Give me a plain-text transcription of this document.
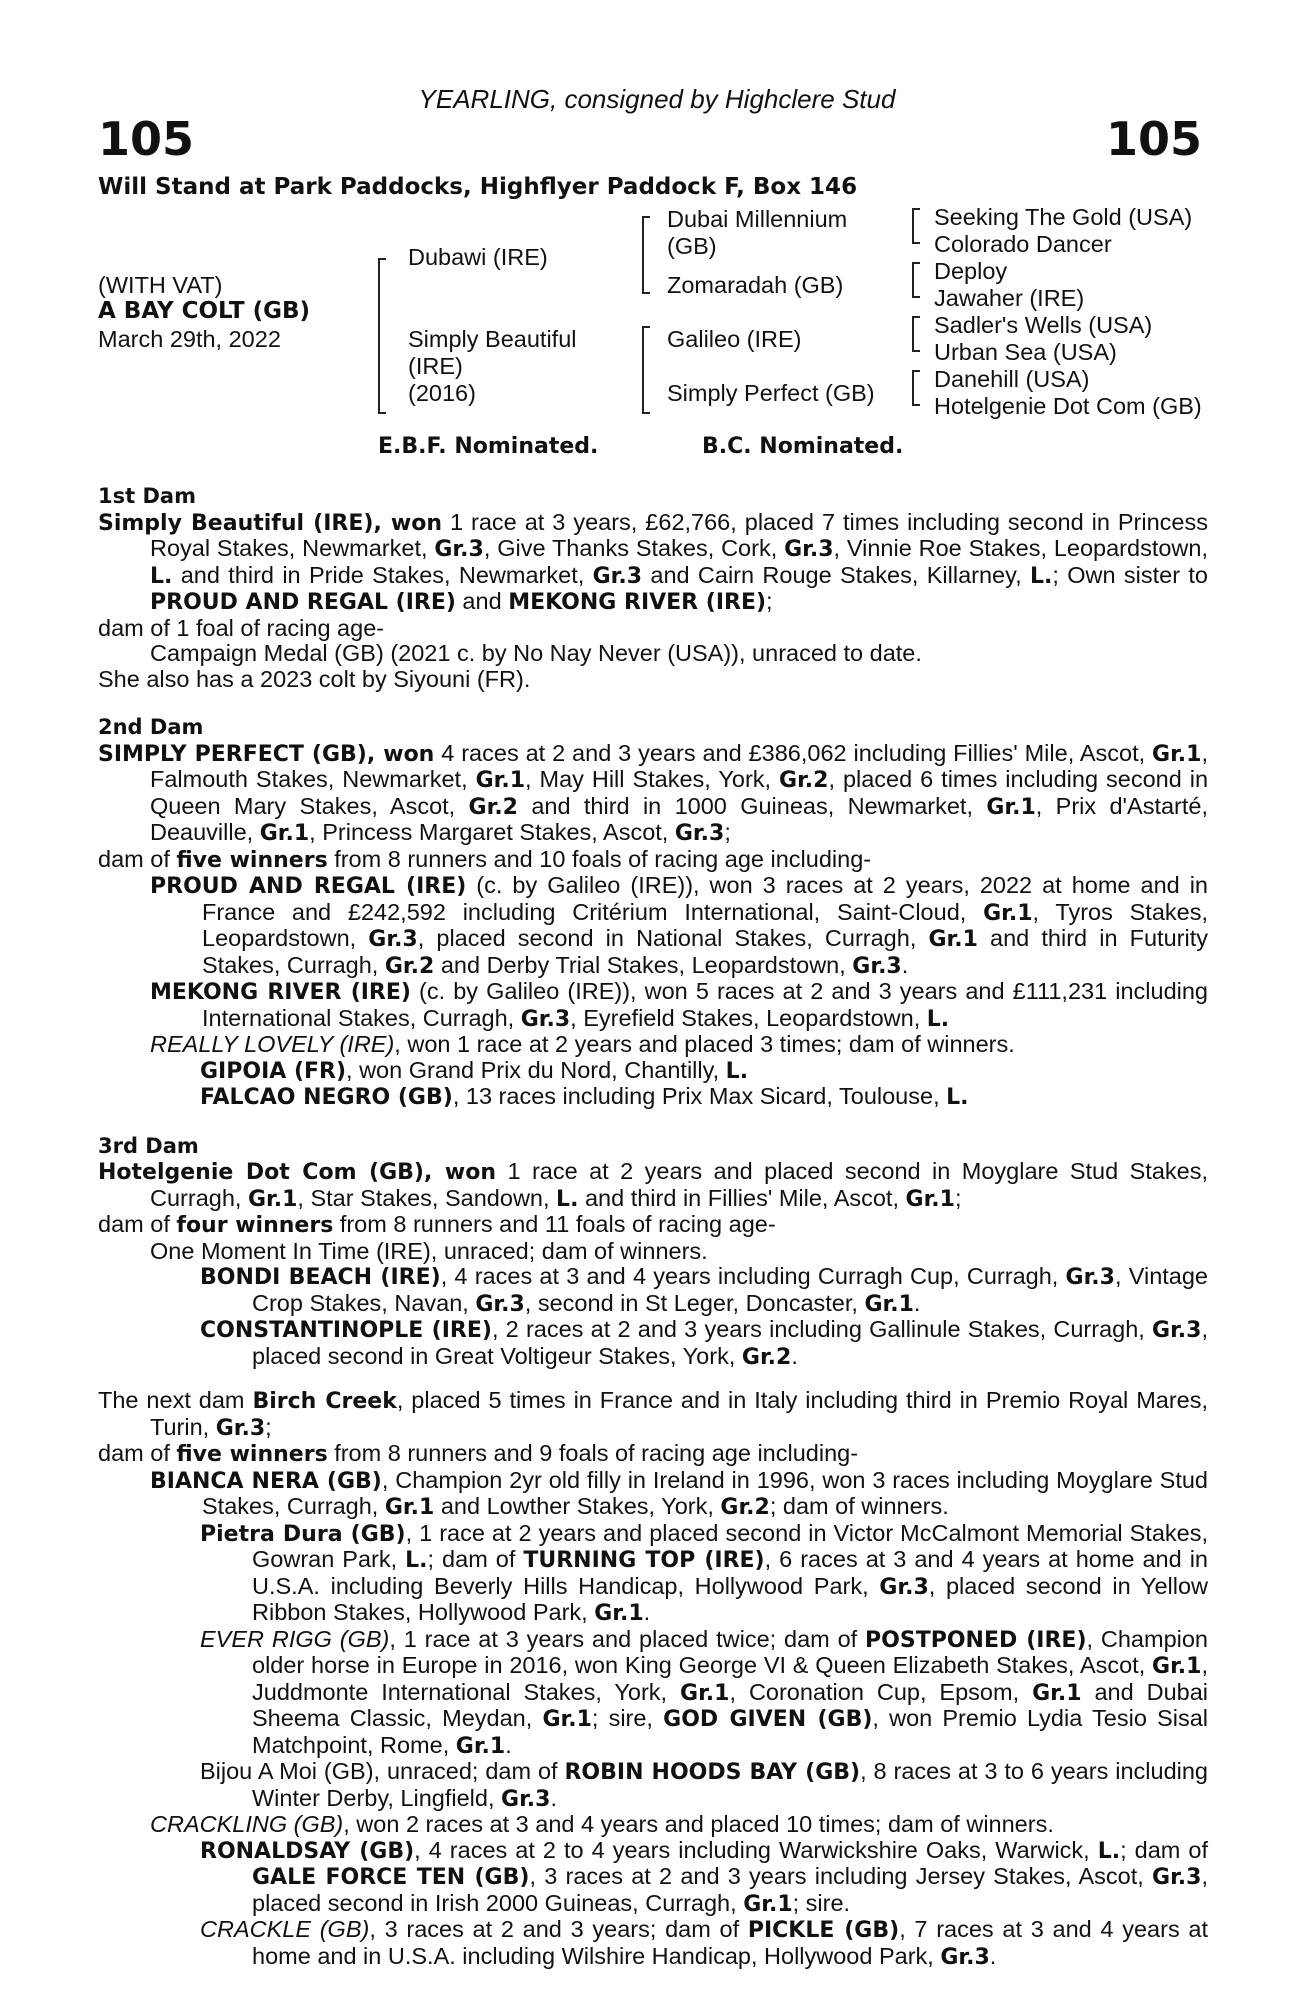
YEARLING, consigned by Highclere Stud
105	105
Will Stand at Park Paddocks, Highflyer Paddock F, Box 146
(WITH VAT)
A BAY COLT (GB)
March 29th, 2022
Dubawi (IRE)
Simply Beautiful
(IRE)
(2016)
Dubai Millennium
(GB)
Zomaradah (GB)
Galileo (IRE)
Simply Perfect (GB)
Seeking The Gold (USA)
Colorado Dancer
Deploy
Jawaher (IRE)
Sadler's Wells (USA)
Urban Sea (USA)
Danehill (USA)
Hotelgenie Dot Com (GB)
E.B.F. Nominated.	B.C. Nominated.
1st Dam

Simply Beautiful (IRE), won 1 race at 3 years, £62,766, placed 7 times including second in Princess Royal Stakes, Newmarket, Gr.3, Give Thanks Stakes, Cork, Gr.3, Vinnie Roe Stakes, Leopardstown, L. and third in Pride Stakes, Newmarket, Gr.3 and Cairn Rouge Stakes, Killarney, L.; Own sister to PROUD AND REGAL (IRE) and MEKONG RIVER (IRE);

dam of 1 foal of racing age-

Campaign Medal (GB) (2021 c. by No Nay Never (USA)), unraced to date.

She also has a 2023 colt by Siyouni (FR).

2nd Dam

SIMPLY PERFECT (GB), won 4 races at 2 and 3 years and £386,062 including Fillies' Mile, Ascot, Gr.1, Falmouth Stakes, Newmarket, Gr.1, May Hill Stakes, York, Gr.2, placed 6 times including second in Queen Mary Stakes, Ascot, Gr.2 and third in 1000 Guineas, Newmarket, Gr.1, Prix d'Astarté, Deauville, Gr.1, Princess Margaret Stakes, Ascot, Gr.3;

dam of five winners from 8 runners and 10 foals of racing age including-

PROUD AND REGAL (IRE) (c. by Galileo (IRE)), won 3 races at 2 years, 2022 at home and in France and £242,592 including Critérium International, Saint-Cloud, Gr.1, Tyros Stakes, Leopardstown, Gr.3, placed second in National Stakes, Curragh, Gr.1 and third in Futurity Stakes, Curragh, Gr.2 and Derby Trial Stakes, Leopardstown, Gr.3.

MEKONG RIVER (IRE) (c. by Galileo (IRE)), won 5 races at 2 and 3 years and £111,231 including International Stakes, Curragh, Gr.3, Eyrefield Stakes, Leopardstown, L.

REALLY LOVELY (IRE), won 1 race at 2 years and placed 3 times; dam of winners.

GIPOIA (FR), won Grand Prix du Nord, Chantilly, L.

FALCAO NEGRO (GB), 13 races including Prix Max Sicard, Toulouse, L.

3rd Dam

Hotelgenie Dot Com (GB), won 1 race at 2 years and placed second in Moyglare Stud Stakes, Curragh, Gr.1, Star Stakes, Sandown, L. and third in Fillies' Mile, Ascot, Gr.1;

dam of four winners from 8 runners and 11 foals of racing age-

One Moment In Time (IRE), unraced; dam of winners.

BONDI BEACH (IRE), 4 races at 3 and 4 years including Curragh Cup, Curragh, Gr.3, Vintage Crop Stakes, Navan, Gr.3, second in St Leger, Doncaster, Gr.1.

CONSTANTINOPLE (IRE), 2 races at 2 and 3 years including Gallinule Stakes, Curragh, Gr.3, placed second in Great Voltigeur Stakes, York, Gr.2.

The next dam Birch Creek, placed 5 times in France and in Italy including third in Premio Royal Mares, Turin, Gr.3;

dam of five winners from 8 runners and 9 foals of racing age including-

BIANCA NERA (GB), Champion 2yr old filly in Ireland in 1996, won 3 races including Moyglare Stud Stakes, Curragh, Gr.1 and Lowther Stakes, York, Gr.2; dam of winners.

Pietra Dura (GB), 1 race at 2 years and placed second in Victor McCalmont Memorial Stakes, Gowran Park, L.; dam of TURNING TOP (IRE), 6 races at 3 and 4 years at home and in U.S.A. including Beverly Hills Handicap, Hollywood Park, Gr.3, placed second in Yellow Ribbon Stakes, Hollywood Park, Gr.1.

EVER RIGG (GB), 1 race at 3 years and placed twice; dam of POSTPONED (IRE), Champion older horse in Europe in 2016, won King George VI & Queen Elizabeth Stakes, Ascot, Gr.1, Juddmonte International Stakes, York, Gr.1, Coronation Cup, Epsom, Gr.1 and Dubai Sheema Classic, Meydan, Gr.1; sire, GOD GIVEN (GB), won Premio Lydia Tesio Sisal Matchpoint, Rome, Gr.1.

Bijou A Moi (GB), unraced; dam of ROBIN HOODS BAY (GB), 8 races at 3 to 6 years including Winter Derby, Lingfield, Gr.3.

CRACKLING (GB), won 2 races at 3 and 4 years and placed 10 times; dam of winners.

RONALDSAY (GB), 4 races at 2 to 4 years including Warwickshire Oaks, Warwick, L.; dam of GALE FORCE TEN (GB), 3 races at 2 and 3 years including Jersey Stakes, Ascot, Gr.3, placed second in Irish 2000 Guineas, Curragh, Gr.1; sire.

CRACKLE (GB), 3 races at 2 and 3 years; dam of PICKLE (GB), 7 races at 3 and 4 years at home and in U.S.A. including Wilshire Handicap, Hollywood Park, Gr.3.
